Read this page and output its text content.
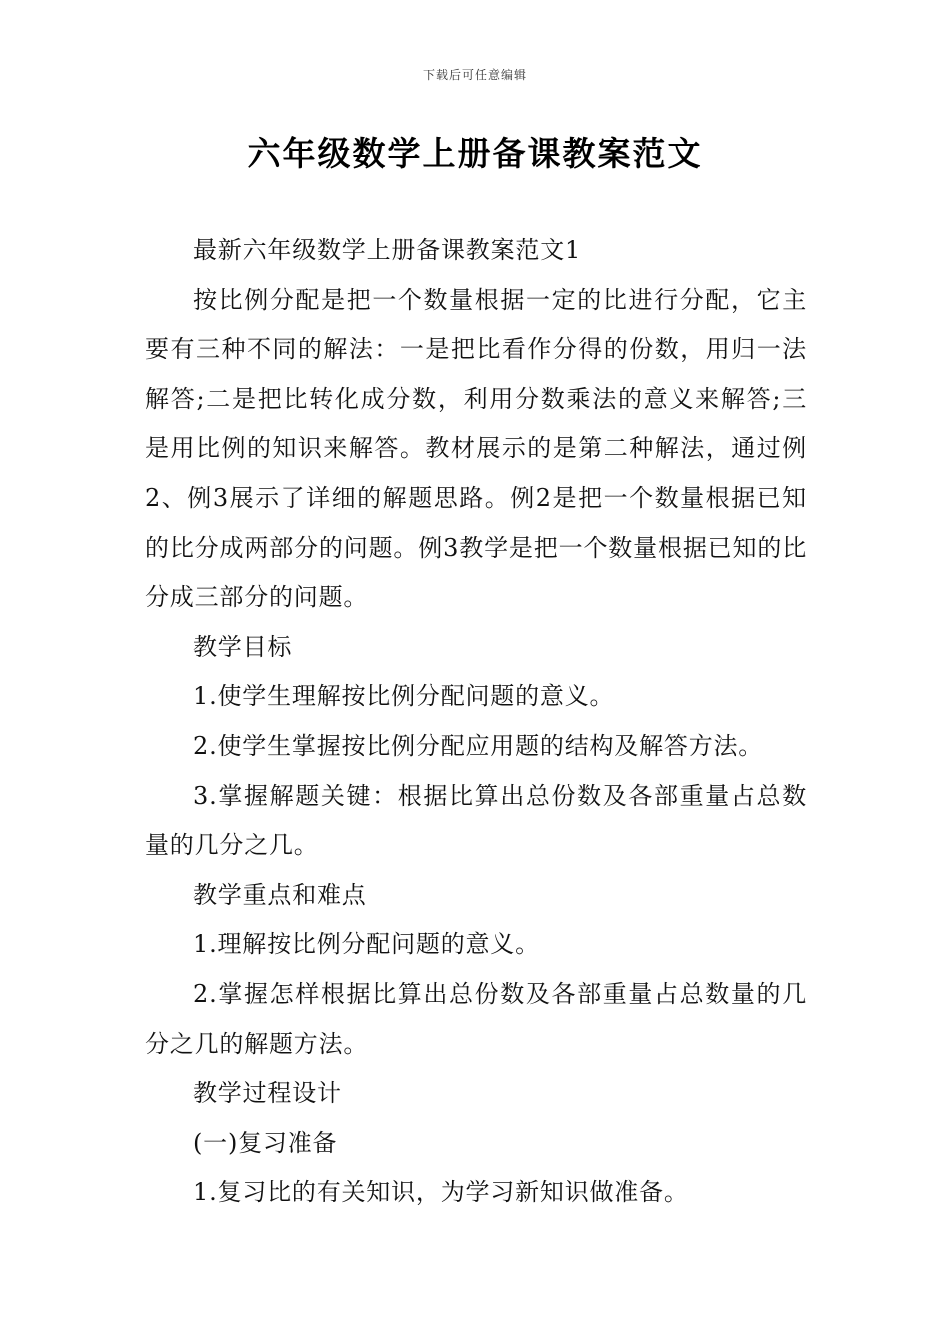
下载后可任意编辑
六年级数学上册备课教案范文

最新六年级数学上册备课教案范文1

按比例分配是把一个数量根据一定的比进行分配，它主要有三种不同的解法：一是把比看作分得的份数，用归一法解答;二是把比转化成分数，利用分数乘法的意义来解答;三是用比例的知识来解答。教材展示的是第二种解法，通过例2、例3展示了详细的解题思路。例2是把一个数量根据已知的比分成两部分的问题。例3教学是把一个数量根据已知的比分成三部分的问题。

教学目标

1.使学生理解按比例分配问题的意义。

2.使学生掌握按比例分配应用题的结构及解答方法。

3.掌握解题关键：根据比算出总份数及各部重量占总数量的几分之几。

教学重点和难点

1.理解按比例分配问题的意义。

2.掌握怎样根据比算出总份数及各部重量占总数量的几分之几的解题方法。

教学过程设计

(一)复习准备

1.复习比的有关知识，为学习新知识做准备。
